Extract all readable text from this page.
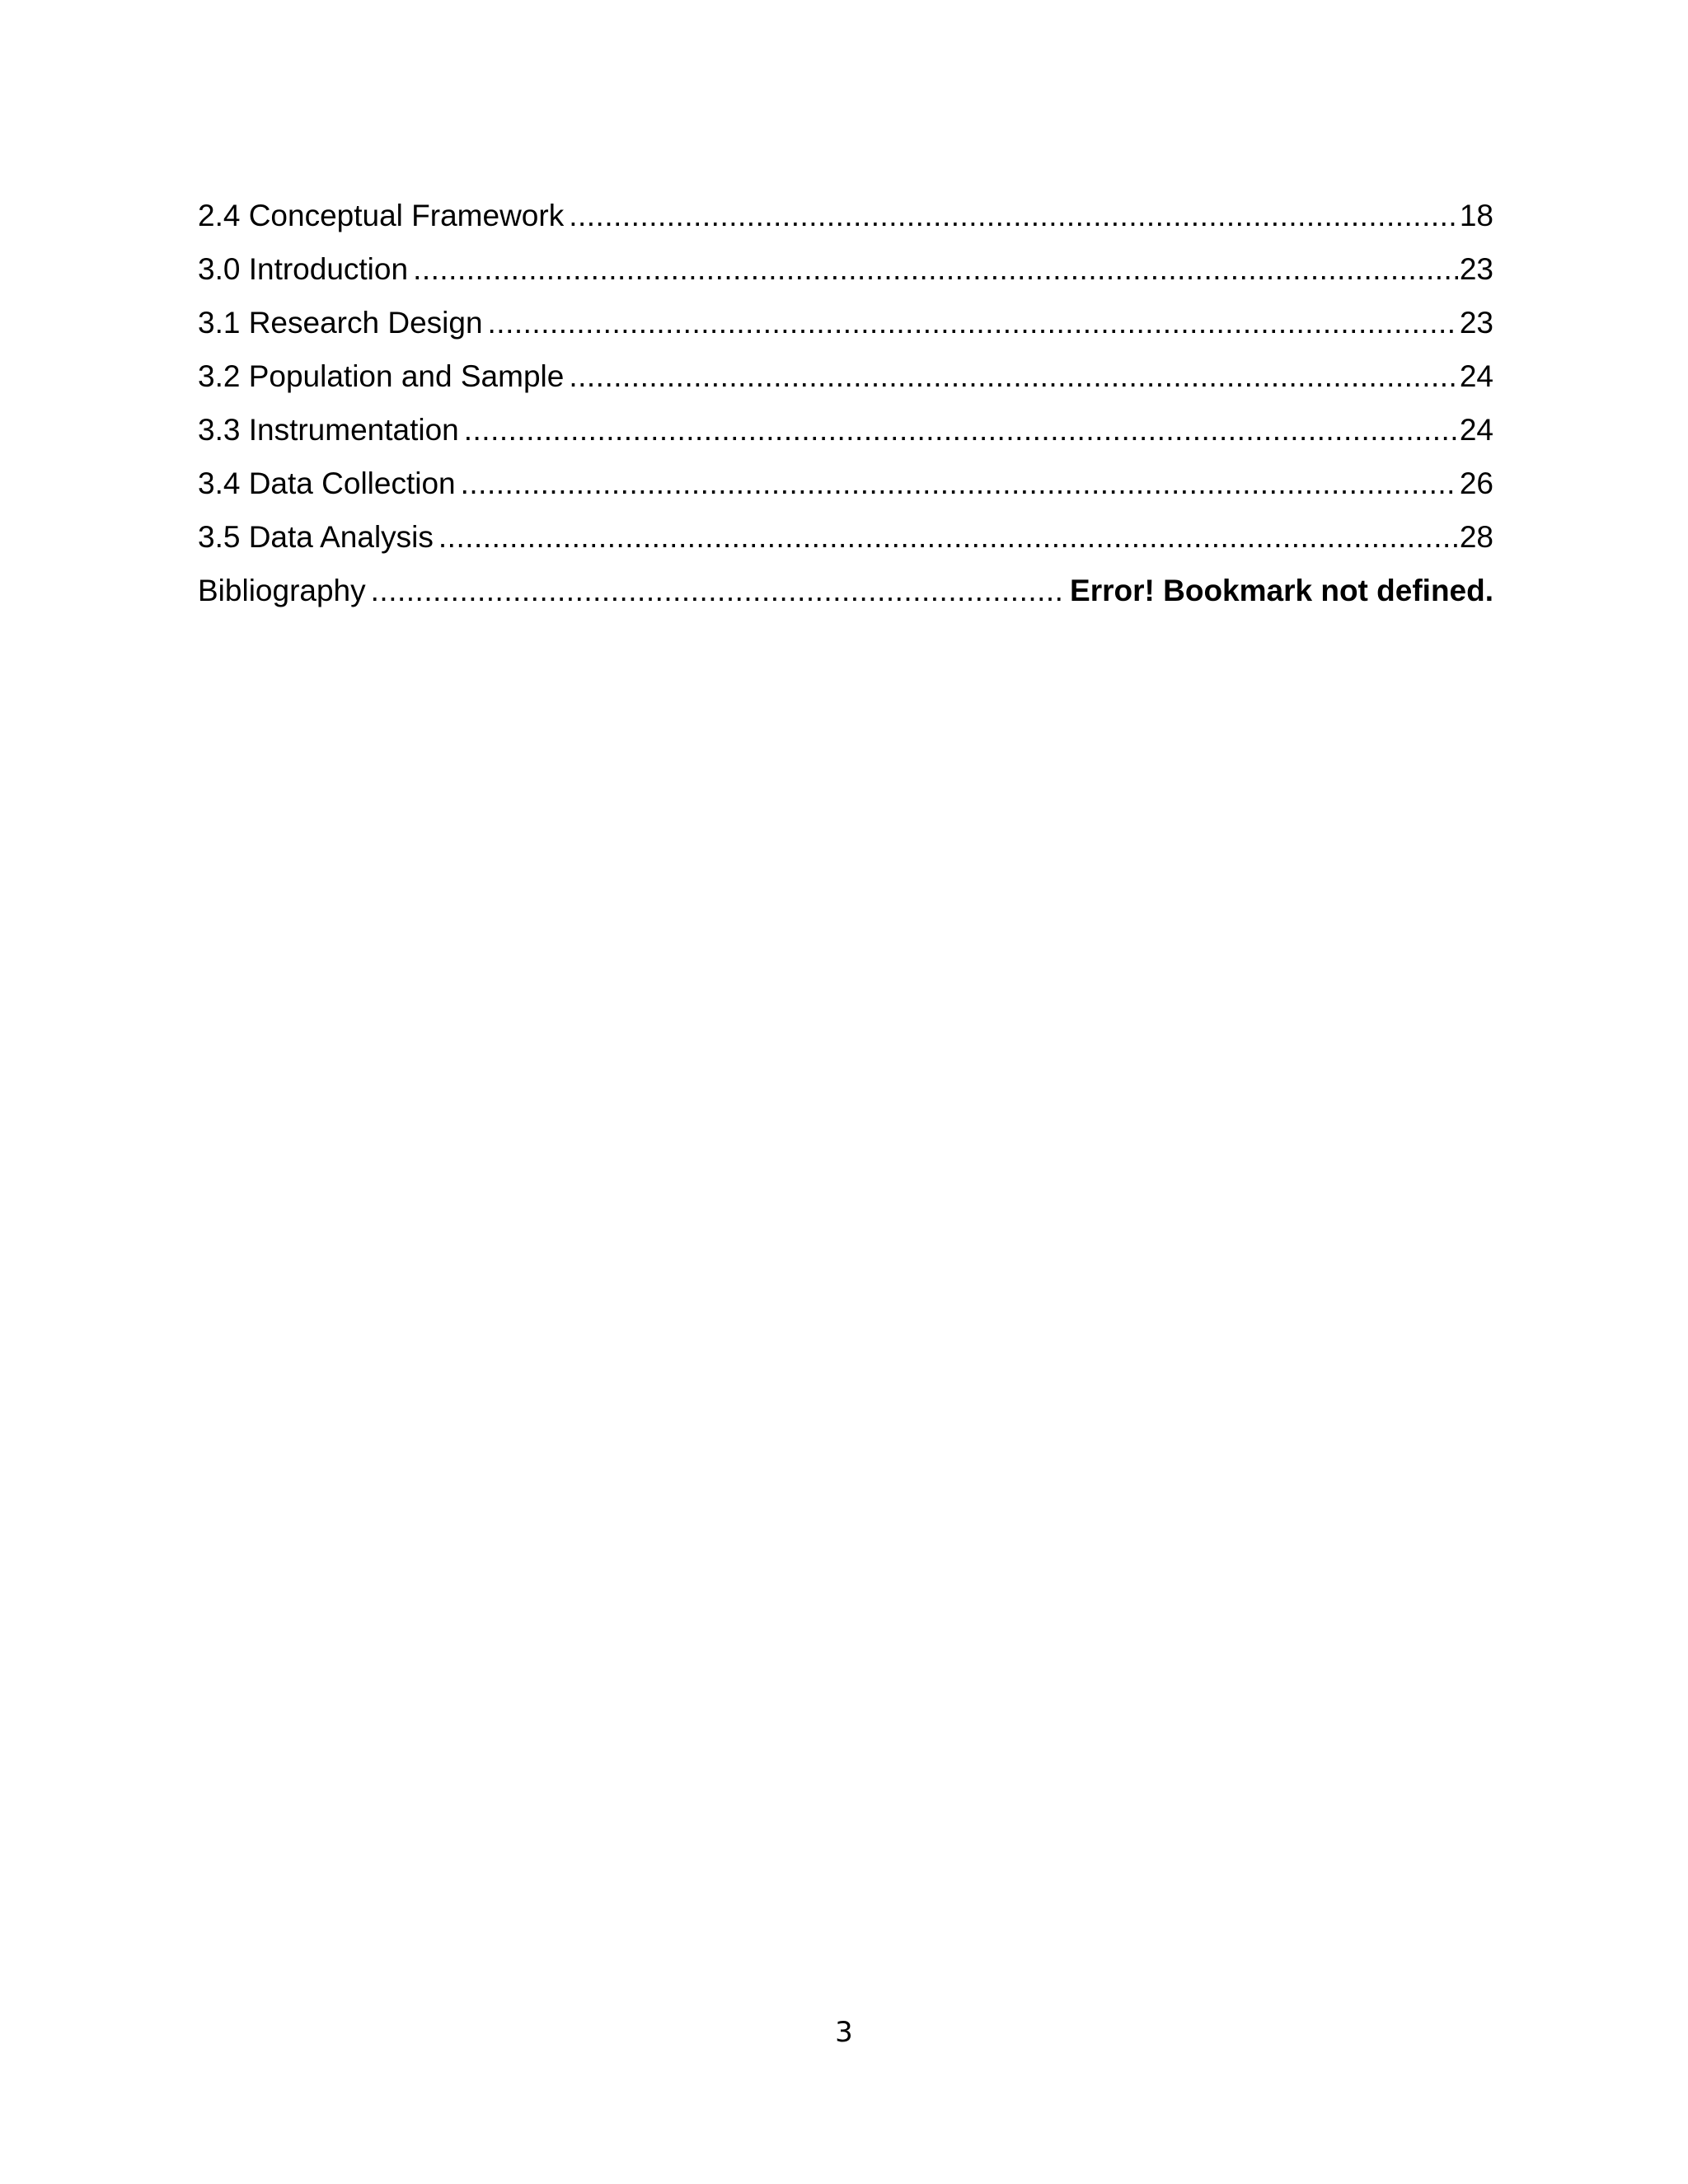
2.4 Conceptual Framework .....	18
3.0 Introduction .....	23
3.1 Research Design .....	23
3.2 Population and Sample .....	24
3.3 Instrumentation .....	24
3.4 Data Collection .....	26
3.5 Data Analysis .....	28
Bibliography .....	Error! Bookmark not defined.
3
